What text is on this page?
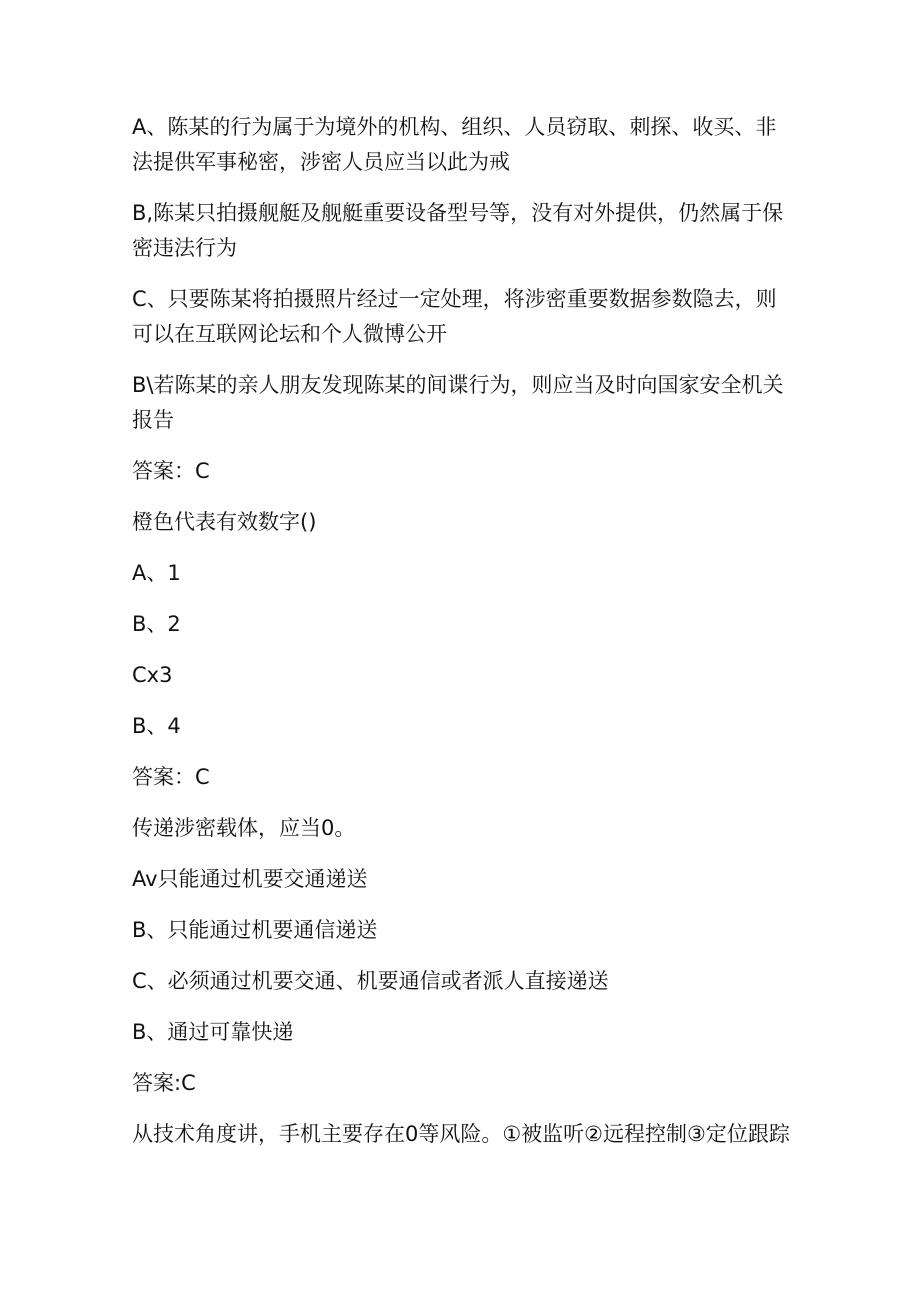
A、陈某的行为属于为境外的机构、组织、人员窃取、刺探、收买、非法提供军事秘密，涉密人员应当以此为戒

B,陈某只拍摄舰艇及舰艇重要设备型号等，没有对外提供，仍然属于保密违法行为

C、只要陈某将拍摄照片经过一定处理，将涉密重要数据参数隐去，则可以在互联网论坛和个人微博公开

B\若陈某的亲人朋友发现陈某的间谍行为，则应当及时向国家安全机关报告

答案：C

橙色代表有效数字()

A、1

B、2

Cx3

B、4

答案：C

传递涉密载体，应当0。

Av只能通过机要交通递送

B、只能通过机要通信递送

C、必须通过机要交通、机要通信或者派人直接递送

B、通过可靠快递

答案:C

从技术角度讲，手机主要存在0等风险。①被监听②远程控制③定位跟踪
